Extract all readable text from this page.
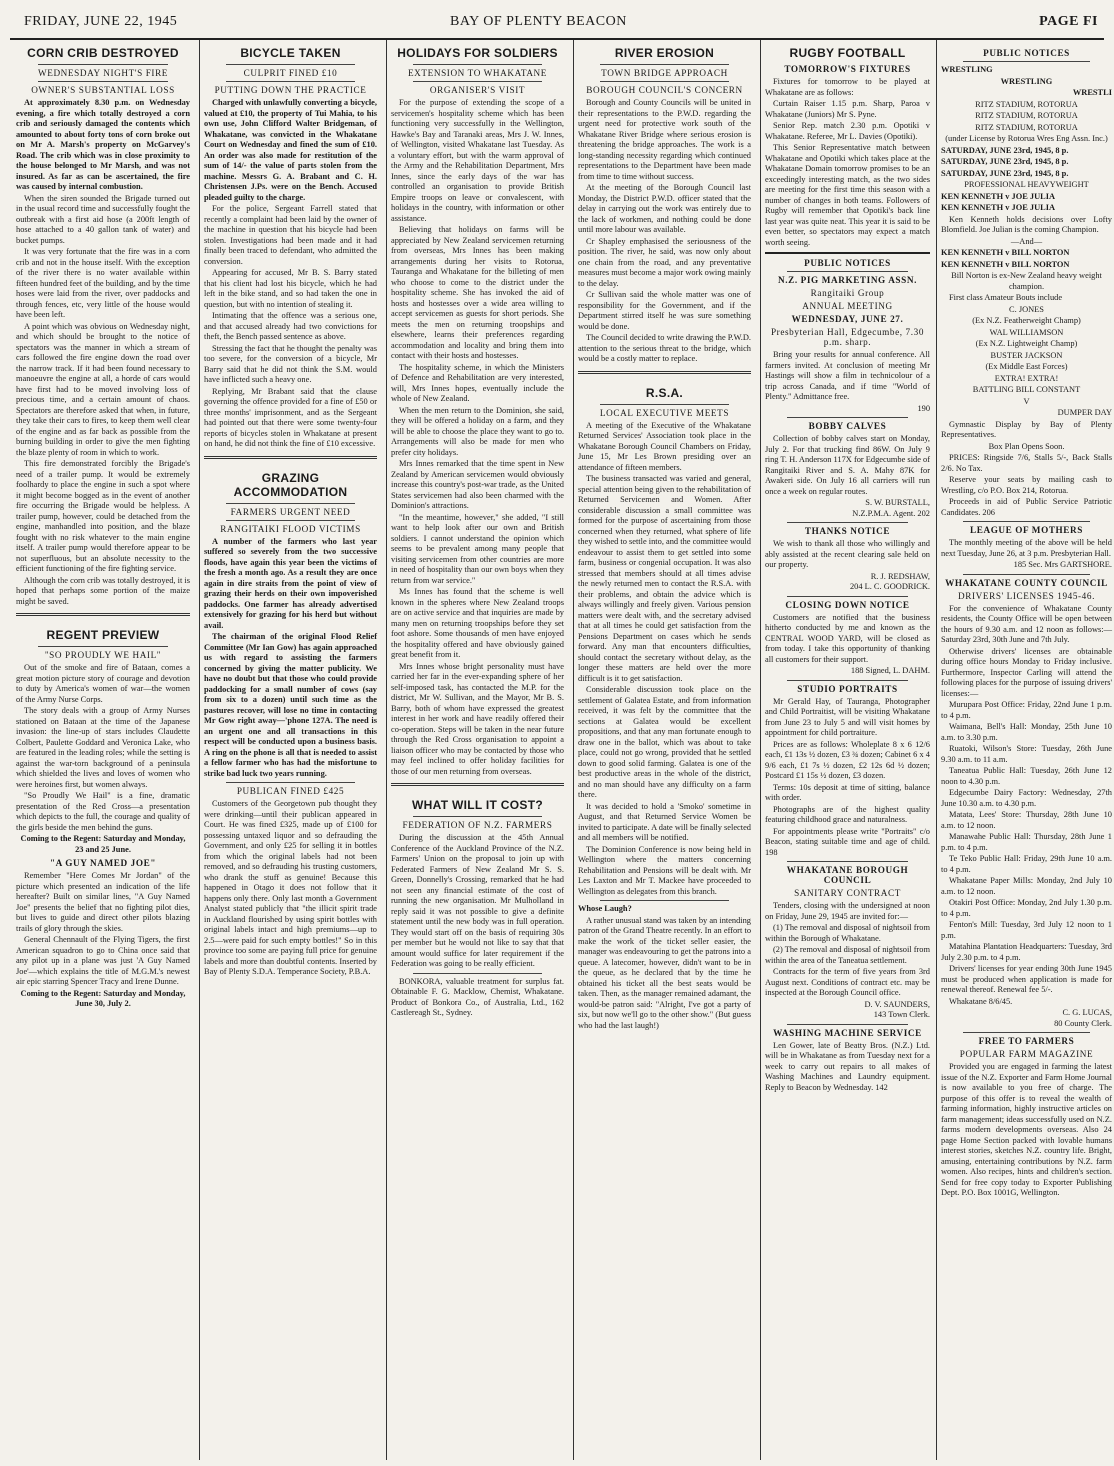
FRIDAY, JUNE 22, 1945	BAY OF PLENTY BEACON	PAGE FI
CORN CRIB DESTROYED
WEDNESDAY NIGHT'S FIRE
OWNER'S SUBSTANTIAL LOSS

At approximately 8.30 p.m. on Wednesday evening, a fire which totally destroyed a corn crib and seriously damaged the contents which amounted to about forty tons of corn broke out on Mr A. Marsh's property on McGarvey's Road. The crib which was in close proximity to the house belonged to Mr Marsh, and was not insured. As far as can be ascertained, the fire was caused by internal combustion.

When the siren sounded the Brigade turned out in the usual record time and successfully fought the outbreak with a first aid hose (a 200ft length of hose attached to a 40 gallon tank of water) and bucket pumps.

It was very fortunate that the fire was in a corn crib and not in the house itself. With the exception of the river there is no water available within fifteen hundred feet of the building, and by the time hoses were laid from the river, over paddocks and through fences, etc, very little of the house would have been left.

A point which was obvious on Wednesday night, and which should be brought to the notice of spectators was the manner in which a stream of cars followed the fire engine down the road over the narrow track. If it had been found necessary to manoeuvre the engine at all, a horde of cars would have first had to be moved involving loss of precious time, and a certain amount of chaos. Spectators are therefore asked that when, in future, they take their cars to fires, to keep them well clear of the engine and as far back as possible from the burning building in order to give the men fighting the blaze plenty of room in which to work.

This fire demonstrated forcibly the Brigade's need of a trailer pump. It would be extremely foolhardy to place the engine in such a spot where it might become bogged as in the event of another fire occurring the Brigade would be helpless. A trailer pump, however, could be detached from the engine, manhandled into position, and the blaze fought with no risk whatever to the main engine itself. A trailer pump would therefore appear to be not superfluous, but an absolute necessity to the efficient functioning of the fire fighting service.

Although the corn crib was totally destroyed, it is hoped that perhaps some portion of the maize might be saved.

REGENT PREVIEW
"SO PROUDLY WE HAIL"

Out of the smoke and fire of Bataan, comes a great motion picture story of courage and devotion to duty by America's women of war—the women of the Army Nurse Corps.

The story deals with a group of Army Nurses stationed on Bataan at the time of the Japanese invasion: the line-up of stars includes Claudette Colbert, Paulette Goddard and Veronica Lake, who are featured in the leading roles; while the setting is against the war-torn background of a peninsula which shielded the lives and loves of women who were heroines first, but women always.

"So Proudly We Hail" is a fine, dramatic presentation of the Red Cross—a presentation which depicts to the full, the courage and quality of the girls beside the men behind the guns.

Coming to the Regent: Saturday and Monday, 23 and 25 June.

"A GUY NAMED JOE"

Remember "Here Comes Mr Jordan" of the picture which presented an indication of the life hereafter? Built on similar lines, "A Guy Named Joe" presents the belief that no fighting pilot dies, but lives to guide and direct other pilots blazing trails of glory through the skies.

General Chennault of the Flying Tigers, the first American squadron to go to China once said that any pilot up in a plane was just 'A Guy Named Joe'—which explains the title of M.G.M.'s newest air epic starring Spencer Tracy and Irene Dunne.

Coming to the Regent: Saturday and Monday, June 30, July 2.

BICYCLE TAKEN
CULPRIT FINED £10
PUTTING DOWN THE PRACTICE

Charged with unlawfully converting a bicycle, valued at £10, the property of Tui Mahia, to his own use, John Clifford Walter Bridgeman, of Whakatane, was convicted in the Whakatane Court on Wednesday and fined the sum of £10. An order was also made for restitution of the sum of 14/- the value of parts stolen from the machine. Messrs G. A. Brabant and C. H. Christensen J.Ps. were on the Bench. Accused pleaded guilty to the charge.

For the police, Sergeant Farrell stated that recently a complaint had been laid by the owner of the machine in question that his bicycle had been stolen. Investigations had been made and it had finally been traced to defendant, who admitted the conversion.

Appearing for accused, Mr B. S. Barry stated that his client had lost his bicycle, which he had left in the bike stand, and so had taken the one in question, but with no intention of stealing it.

Intimating that the offence was a serious one, and that accused already had two convictions for theft, the Bench passed sentence as above.

Stressing the fact that he thought the penalty was too severe, for the conversion of a bicycle, Mr Barry said that he did not think the S.M. would have inflicted such a heavy one.

Replying, Mr Brabant said that the clause governing the offence provided for a fine of £50 or three months' imprisonment, and as the Sergeant had pointed out that there were some twenty-four reports of bicycles stolen in Whakatane at present on hand, he did not think the fine of £10 excessive.

GRAZING ACCOMMODATION
FARMERS URGENT NEED
RANGITAIKI FLOOD VICTIMS

A number of the farmers who last year suffered so severely from the two successive floods, have again this year been the victims of the fresh a month ago. As a result they are once again in dire straits from the point of view of grazing their herds on their own impoverished paddocks. One farmer has already advertised extensively for grazing for his herd but without avail.

The chairman of the original Flood Relief Committee (Mr Ian Gow) has again approached us with regard to assisting the farmers concerned by giving the matter publicity. We have no doubt but that those who could provide paddocking for a small number of cows (say from six to a dozen) until such time as the pastures recover, will lose no time in contacting Mr Gow right away—'phone 127A. The need is an urgent one and all transactions in this respect will be conducted upon a business basis. A ring on the phone is all that is needed to assist a fellow farmer who has had the misfortune to strike bad luck two years running.

PUBLICAN FINED £425

Customers of the Georgetown pub thought they were drinking—until their publican appeared in Court. He was fined £325, made up of £100 for possessing untaxed liquor and so defrauding the Government, and only £25 for selling it in bottles from which the original labels had not been removed, and so defrauding his trusting customers, who drank the stuff as genuine! Because this happened in Otago it does not follow that it happens only there. Only last month a Government Analyst stated publicly that "the illicit spirit trade in Auckland flourished by using spirit bottles with original labels intact and high premiums—up to 2.5—were paid for such empty bottles!" So in this province too some are paying full price for genuine labels and more than doubtful contents. Inserted by Bay of Plenty S.D.A. Temperance Society, P.B.A.

HOLIDAYS FOR SOLDIERS
EXTENSION TO WHAKATANE
ORGANISER'S VISIT

For the purpose of extending the scope of a servicemen's hospitality scheme which has been functioning very successfully in the Wellington, Hawke's Bay and Taranaki areas, Mrs J. W. Innes, of Wellington, visited Whakatane last Tuesday. As a voluntary effort, but with the warm approval of the Army and the Rehabilitation Department, Mrs Innes, since the early days of the war has controlled an organisation to provide British Empire troops on leave or convalescent, with holidays in the country, with information or other assistance.

Believing that holidays on farms will be appreciated by New Zealand servicemen returning from overseas, Mrs Innes has been making arrangements during her visits to Rotorua, Tauranga and Whakatane for the billeting of men who choose to come to the district under the hospitality scheme. She has invoked the aid of hosts and hostesses over a wide area willing to accept servicemen as guests for short periods. She meets the men on returning troopships and elsewhere, learns their preferences regarding accommodation and locality and bring them into contact with their hosts and hostesses.

The hospitality scheme, in which the Ministers of Defence and Rehabilitation are very interested, will, Mrs Innes hopes, eventually include the whole of New Zealand.

When the men return to the Dominion, she said, they will be offered a holiday on a farm, and they will be able to choose the place they want to go to. Arrangements will also be made for men who prefer city holidays.

Mrs Innes remarked that the time spent in New Zealand by American servicemen would obviously increase this country's post-war trade, as the United States servicemen had also been charmed with the Dominion's attractions.

"In the meantime, however," she added, "I still want to help look after our own and British soldiers. I cannot understand the opinion which seems to be prevalent among many people that visiting servicemen from other countries are more in need of hospitality than our own boys when they return from war service."

Ms Innes has found that the scheme is well known in the spheres where New Zealand troops are on active service and that inquiries are made by many men on returning troopships before they set foot ashore. Some thousands of men have enjoyed the hospitality offered and have obviously gained great benefit from it.

Mrs Innes whose bright personality must have carried her far in the ever-expanding sphere of her self-imposed task, has contacted the M.P. for the district, Mr W. Sullivan, and the Mayor, Mr B. S. Barry, both of whom have expressed the greatest interest in her work and have readily offered their co-operation. Steps will be taken in the near future through the Red Cross organisation to appoint a liaison officer who may be contacted by those who may feel inclined to offer holiday facilities for those of our men returning from overseas.

WHAT WILL IT COST?
FEDERATION OF N.Z. FARMERS

During the discussion at the 45th Annual Conference of the Auckland Province of the N.Z. Farmers' Union on the proposal to join up with Federated Farmers of New Zealand Mr S. S. Green, Donnelly's Crossing, remarked that he had not seen any financial estimate of the cost of running the new organisation. Mr Mulholland in reply said it was not possible to give a definite statement until the new body was in full operation. They would start off on the basis of requiring 30s per member but he would not like to say that that amount would suffice for later requirement if the Federation was going to be really efficient.

BONKORA, valuable treatment for surplus fat. Obtainable F. G. Macklow, Chemist, Whakatane. Product of Bonkora Co., of Australia, Ltd., 162 Castlereagh St., Sydney.

RIVER EROSION
TOWN BRIDGE APPROACH
BOROUGH COUNCIL'S CONCERN

Borough and County Councils will be united in their representations to the P.W.D. regarding the urgent need for protective work south of the Whakatane River Bridge where serious erosion is threatening the bridge approaches. The work is a long-standing necessity regarding which continued representations to the Department have been made from time to time without success.

At the meeting of the Borough Council last Monday, the District P.W.D. officer stated that the delay in carrying out the work was entirely due to the lack of workmen, and nothing could be done until more labour was available.

Cr Shapley emphasised the seriousness of the position. The river, he said, was now only about one chain from the road, and any preventative measures must become a major work owing mainly to the delay.

Cr Sullivan said the whole matter was one of responsibility for the Government, and if the Department stirred itself he was sure something would be done.

The Council decided to write drawing the P.W.D. attention to the serious threat to the bridge, which would be a costly matter to replace.

R.S.A.
LOCAL EXECUTIVE MEETS

A meeting of the Executive of the Whakatane Returned Services' Association took place in the Whakatane Borough Council Chambers on Friday, June 15, Mr Les Brown presiding over an attendance of fifteen members.

The business transacted was varied and general, special attention being given to the rehabilitation of Returned Servicemen and Women. After considerable discussion a small committee was formed for the purpose of ascertaining from those concerned when they returned, what sphere of life they wished to settle into, and the committee would endeavour to assist them to get settled into some farm, business or congenial occupation. It was also stressed that members should at all times advise the newly returned men to contact the R.S.A. with their problems, and obtain the advice which is always willingly and freely given. Various pension matters were dealt with, and the secretary advised that at all times he could get satisfaction from the Pensions Department on cases which he sends forward. Any man that encounters difficulties, should contact the secretary without delay, as the longer these matters are held over the more difficult is it to get satisfaction.

Considerable discussion took place on the settlement of Galatea Estate, and from information received, it was felt by the committee that the sections at Galatea would be excellent propositions, and that any man fortunate enough to draw one in the ballot, which was about to take place, could not go wrong, provided that he settled down to good solid farming. Galatea is one of the best productive areas in the whole of the district, and no man should have any difficulty on a farm there.

It was decided to hold a 'Smoko' sometime in August, and that Returned Service Women be invited to participate. A date will be finally selected and all members will be notified.

The Dominion Conference is now being held in Wellington where the matters concerning Rehabilitation and Pensions will be dealt with. Mr Les Laxton and Mr T. Mackee have proceeded to Wellington as delegates from this branch.

Whose Laugh?

A rather unusual stand was taken by an intending patron of the Grand Theatre recently. In an effort to make the work of the ticket seller easier, the manager was endeavouring to get the patrons into a queue. A latecomer, however, didn't want to be in the queue, as he declared that by the time he obtained his ticket all the best seats would be taken. Then, as the manager remained adamant, the would-be patron said: "Alright, I've got a party of six, but now we'll go to the other show." (But guess who had the last laugh!)

RUGBY FOOTBALL
TOMORROW'S FIXTURES

Fixtures for tomorrow to be played at Whakatane are as follows:

Curtain Raiser 1.15 p.m. Sharp, Paroa v Whakatane (Juniors) Mr S. Pyne.

Senior Rep. match 2.30 p.m. Opotiki v Whakatane. Referee, Mr L. Davies (Opotiki).

This Senior Representative match between Whakatane and Opotiki which takes place at the Whakatane Domain tomorrow promises to be an exceedingly interesting match, as the two sides are meeting for the first time this season with a number of changes in both teams. Followers of Rugby will remember that Opotiki's back line last year was quite neat. This year it is said to be even better, so spectators may expect a match worth seeing.

PUBLIC NOTICES
N.Z. PIG MARKETING ASSN.
Rangitaiki Group
ANNUAL MEETING
WEDNESDAY, JUNE 27.
Presbyterian Hall, Edgecumbe, 7.30 p.m. sharp.

Bring your results for annual conference. All farmers invited. At conclusion of meeting Mr Hastings will show a film in technicolour of a trip across Canada, and if time "World of Plenty." Admittance free.

190

BOBBY CALVES

Collection of bobby calves start on Monday, July 2. For that trucking find 86W. On July 9 ring T. H. Anderson 117X for Edgecumbe side of Rangitaiki River and S. A. Mahy 87K for Awakeri side. On July 16 all carriers will run once a week on regular routes.

S. W. BURSTALL,

N.Z.P.M.A. Agent. 202

THANKS NOTICE

We wish to thank all those who willingly and ably assisted at the recent clearing sale held on our property.

R. J. REDSHAW,

204 L. C. GOODRICK.

CLOSING DOWN NOTICE

Customers are notified that the business hitherto conducted by me and known as the CENTRAL WOOD YARD, will be closed as from today. I take this opportunity of thanking all customers for their support.

188 Signed, L. DAHM.

STUDIO PORTRAITS

Mr Gerald Hay, of Tauranga, Photographer and Child Portraitist, will be visiting Whakatane from June 23 to July 5 and will visit homes by appointment for child portraiture.

Prices are as follows: Wholeplate 8 x 6 12/6 each, £1 13s ½ dozen, £3 ¾ dozen; Cabinet 6 x 4 9/6 each, £1 7s ½ dozen, £2 12s 6d ½ dozen; Postcard £1 15s ½ dozen, £3 dozen.

Terms: 10s deposit at time of sitting, balance with order.

Photographs are of the highest quality featuring childhood grace and naturalness.

For appointments please write "Portraits" c/o Beacon, stating suitable time and age of child. 198

WHAKATANE BOROUGH COUNCIL
SANITARY CONTRACT

Tenders, closing with the undersigned at noon on Friday, June 29, 1945 are invited for:—

(1) The removal and disposal of nightsoil from within the Borough of Whakatane.

(2) The removal and disposal of nightsoil from within the area of the Taneatua settlement.

Contracts for the term of five years from 3rd August next. Conditions of contract etc. may be inspected at the Borough Council office.

D. V. SAUNDERS,

143 Town Clerk.

WASHING MACHINE SERVICE

Len Gower, late of Beatty Bros. (N.Z.) Ltd. will be in Whakatane as from Tuesday next for a week to carry out repairs to all makes of Washing Machines and Laundry equipment. Reply to Beacon by Wednesday. 142

PUBLIC NOTICES

WRESTLING

WRESTLING

WRESTLI

RITZ STADIUM, ROTORUA

RITZ STADIUM, ROTORUA

RITZ STADIUM, ROTORUA

(under License by Rotorua Wres Eng Assn. Inc.)

SATURDAY, JUNE 23rd, 1945, 8 p.

SATURDAY, JUNE 23rd, 1945, 8 p.

SATURDAY, JUNE 23rd, 1945, 8 p.

PROFESSIONAL HEAVYWEIGHT

KEN KENNETH v JOE JULIA

KEN KENNETH v JOE JULIA

Ken Kenneth holds decisions over Lofty Blomfield. Joe Julian is the coming Champion.

—And—

KEN KENNETH v BILL NORTON

KEN KENNETH v BILL NORTON

Bill Norton is ex-New Zealand heavy weight champion.

First class Amateur Bouts include

C. JONES

(Ex N.Z. Featherweight Champ)

WAL WILLIAMSON

(Ex N.Z. Lightweight Champ)

BUSTER JACKSON

(Ex Middle East Forces)

EXTRA! EXTRA!

BATTLING BILL CONSTANT

V

DUMPER DAY

Gymnastic Display by Bay of Plenty Representatives.

Box Plan Opens Soon.

PRICES: Ringside 7/6, Stalls 5/-, Back Stalls 2/6. No Tax.

Reserve your seats by mailing cash to Wrestling, c/o P.O. Box 214, Rotorua.

Proceeds in aid of Public Service Patriotic Candidates. 206

LEAGUE OF MOTHERS

The monthly meeting of the above will be held next Tuesday, June 26, at 3 p.m. Presbyterian Hall.

185 Sec. Mrs GARTSHORE.

WHAKATANE COUNTY COUNCIL
DRIVERS' LICENSES 1945-46.

For the convenience of Whakatane County residents, the County Office will be open between the hours of 9.30 a.m. and 12 noon as follows:—Saturday 23rd, 30th June and 7th July.

Otherwise drivers' licenses are obtainable during office hours Monday to Friday inclusive. Furthermore, Inspector Carling will attend the following places for the purpose of issuing drivers' licenses:—

Murupara Post Office: Friday, 22nd June 1 p.m. to 4 p.m.

Waimana, Bell's Hall: Monday, 25th June 10 a.m. to 3.30 p.m.

Ruatoki, Wilson's Store: Tuesday, 26th June 9.30 a.m. to 11 a.m.

Taneatua Public Hall: Tuesday, 26th June 12 noon to 4.30 p.m.

Edgecumbe Dairy Factory: Wednesday, 27th June 10.30 a.m. to 4.30 p.m.

Matata, Lees' Store: Thursday, 28th June 10 a.m. to 12 noon.

Manawahe Public Hall: Thursday, 28th June 1 p.m. to 4 p.m.

Te Teko Public Hall: Friday, 29th June 10 a.m. to 4 p.m.

Whakatane Paper Mills: Monday, 2nd July 10 a.m. to 12 noon.

Otakiri Post Office: Monday, 2nd July 1.30 p.m. to 4 p.m.

Fenton's Mill: Tuesday, 3rd July 12 noon to 1 p.m.

Matahina Plantation Headquarters: Tuesday, 3rd July 2.30 p.m. to 4 p.m.

Drivers' licenses for year ending 30th June 1945 must be produced when application is made for renewal thereof. Renewal fee 5/-.

Whakatane 8/6/45.

C. G. LUCAS,

80 County Clerk.

FREE TO FARMERS
POPULAR FARM MAGAZINE

Provided you are engaged in farming the latest issue of the N.Z. Exporter and Farm Home Journal is now available to you free of charge. The purpose of this offer is to reveal the wealth of farming information, highly instructive articles on farm management; ideas successfully used on N.Z. farms modern developments overseas. Also 24 page Home Section packed with lovable humans interest stories, sketches N.Z. country life. Bright, amusing, entertaining contributions by N.Z. farm women. Also recipes, hints and children's section. Send for free copy today to Exporter Publishing Dept. P.O. Box 1001G, Wellington.
